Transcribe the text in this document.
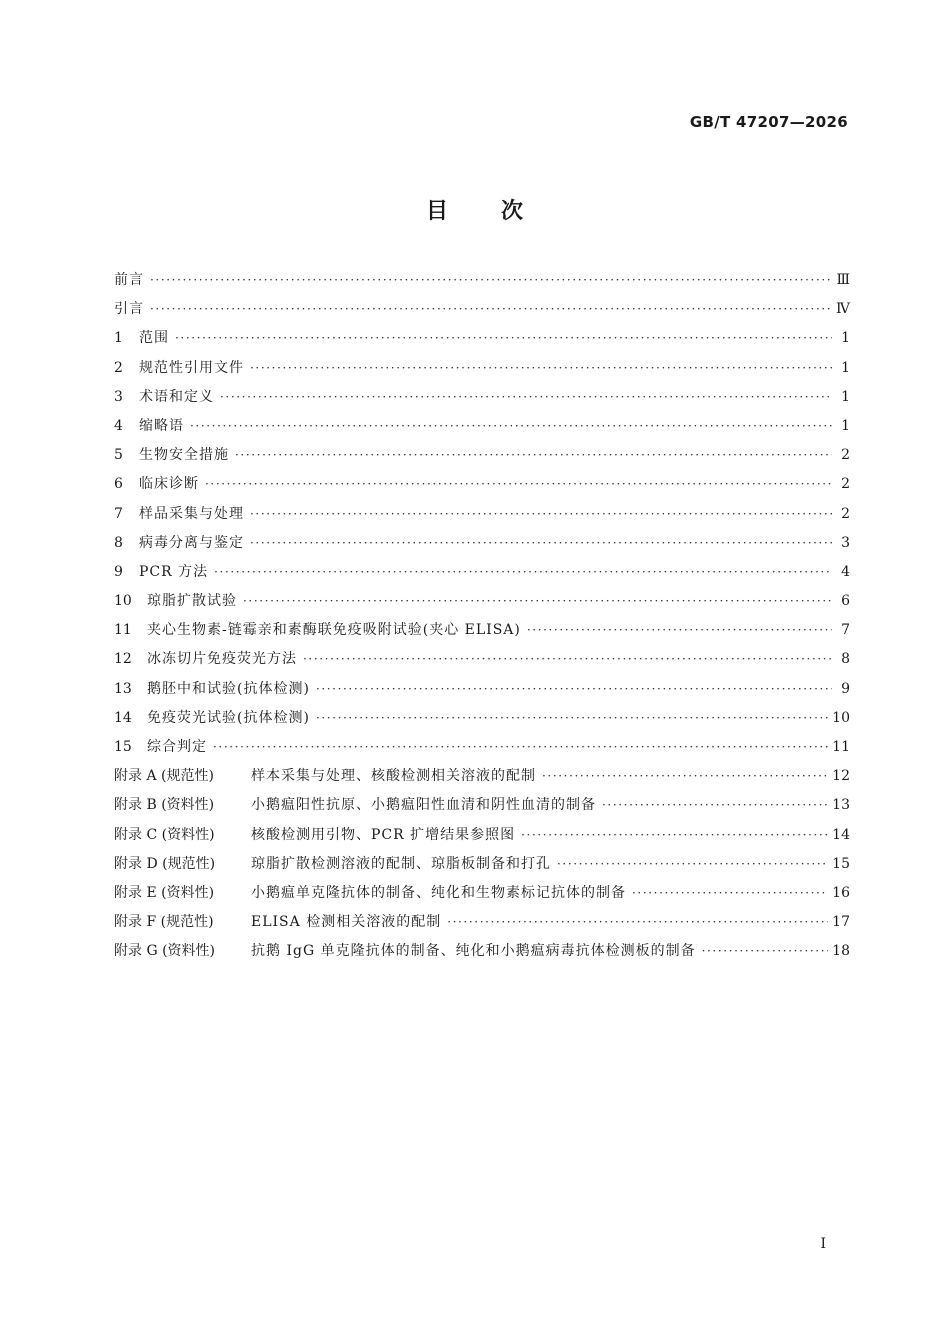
GB/T 47207—2026
目 次
前言 ·····	Ⅲ
引言 ·····	Ⅳ
1	范围 ·····	1
2	规范性引用文件 ·····	1
3	术语和定义 ·····	1
4	缩略语 ·····	1
5	生物安全措施 ·····	2
6	临床诊断 ·····	2
7	样品采集与处理 ·····	2
8	病毒分离与鉴定 ·····	3
9	PCR 方法 ·····	4
10	琼脂扩散试验 ·····	6
11	夹心生物素-链霉亲和素酶联免疫吸附试验(夹心 ELISA) ·····	7
12	冰冻切片免疫荧光方法 ·····	8
13	鹅胚中和试验(抗体检测) ·····	9
14	免疫荧光试验(抗体检测) ·····	10
15	综合判定 ·····	11
附录 A (规范性)	样本采集与处理、核酸检测相关溶液的配制 ·····	12
附录 B (资料性)	小鹅瘟阳性抗原、小鹅瘟阳性血清和阴性血清的制备 ·····	13
附录 C (资料性)	核酸检测用引物、PCR 扩增结果参照图 ·····	14
附录 D (规范性)	琼脂扩散检测溶液的配制、琼脂板制备和打孔 ·····	15
附录 E (资料性)	小鹅瘟单克隆抗体的制备、纯化和生物素标记抗体的制备 ·····	16
附录 F (规范性)	ELISA 检测相关溶液的配制 ·····	17
附录 G (资料性)	抗鹅 IgG 单克隆抗体的制备、纯化和小鹅瘟病毒抗体检测板的制备 ·····	18
I
